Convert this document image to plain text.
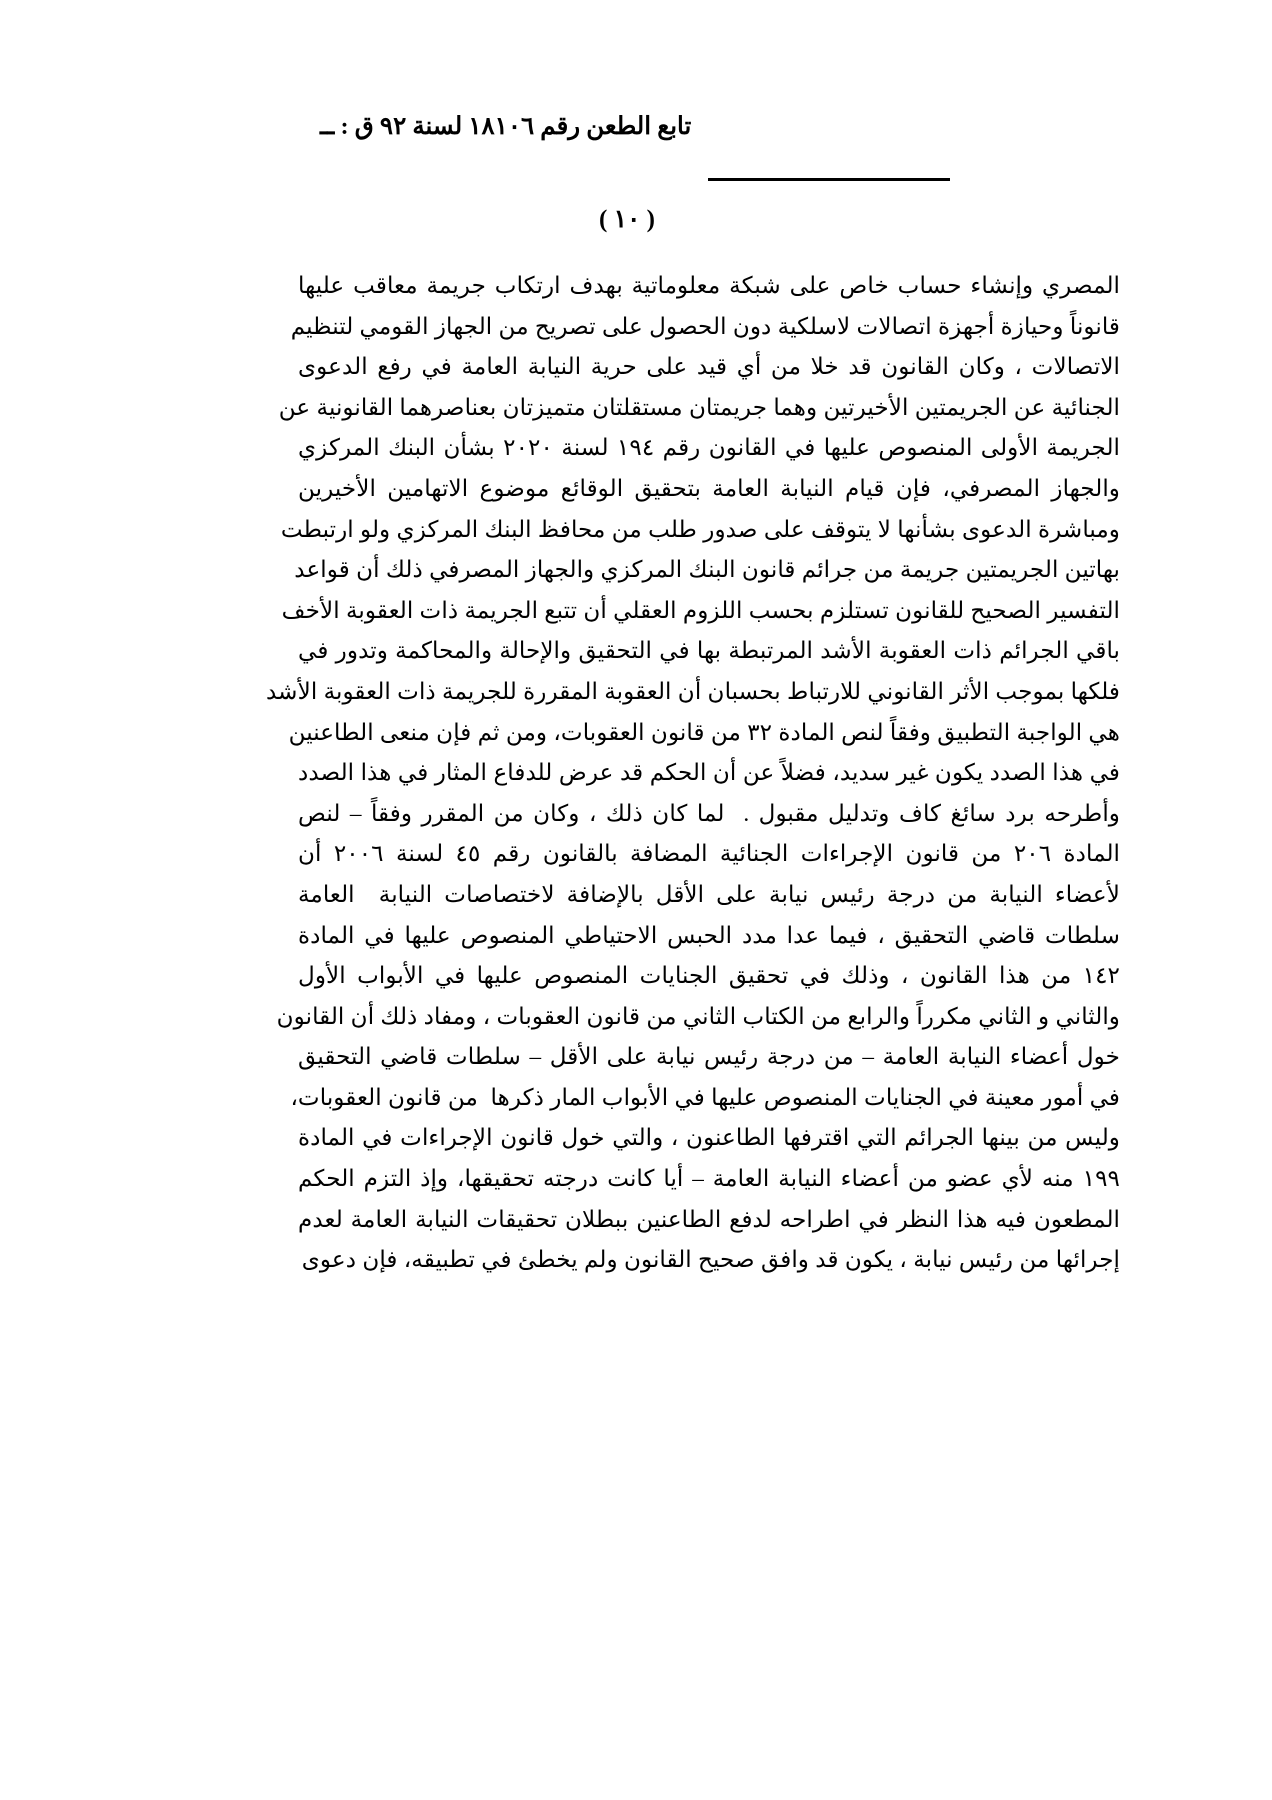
تابع الطعن رقم ١٨١٠٦ لسنة ٩٢ ق : ــ
( ١٠ )
المصري وإنشاء حساب خاص على شبكة معلوماتية بهدف ارتكاب جريمة معاقب عليها
قانوناً وحيازة أجهزة اتصالات لاسلكية دون الحصول على تصريح من الجهاز القومي لتنظيم
الاتصالات ، وكان القانون قد خلا من أي قيد على حرية النيابة العامة في رفع الدعوى
الجنائية عن الجريمتين الأخيرتين وهما جريمتان مستقلتان متميزتان بعناصرهما القانونية عن
الجريمة الأولى المنصوص عليها في القانون رقم ١٩٤ لسنة ٢٠٢٠ بشأن البنك المركزي
والجهاز المصرفي، فإن قيام النيابة العامة بتحقيق الوقائع موضوع الاتهامين الأخيرين
ومباشرة الدعوى بشأنها لا يتوقف على صدور طلب من محافظ البنك المركزي ولو ارتبطت
بهاتين الجريمتين جريمة من جرائم قانون البنك المركزي والجهاز المصرفي ذلك أن قواعد
التفسير الصحيح للقانون تستلزم بحسب اللزوم العقلي أن تتبع الجريمة ذات العقوبة الأخف
باقي الجرائم ذات العقوبة الأشد المرتبطة بها في التحقيق والإحالة والمحاكمة وتدور في
فلكها بموجب الأثر القانوني للارتباط بحسبان أن العقوبة المقررة للجريمة ذات العقوبة الأشد
هي الواجبة التطبيق وفقاً لنص المادة ٣٢ من قانون العقوبات، ومن ثم فإن منعى الطاعنين
في هذا الصدد يكون غير سديد، فضلاً عن أن الحكم قد عرض للدفاع المثار في هذا الصدد
وأطرحه برد سائغ كاف وتدليل مقبول .  لما كان ذلك ، وكان من المقرر وفقاً – لنص
المادة ٢٠٦ من قانون الإجراءات الجنائية المضافة بالقانون رقم ٤٥ لسنة ٢٠٠٦ أن
لأعضاء النيابة من درجة رئيس نيابة على الأقل بالإضافة لاختصاصات النيابة  العامة
سلطات قاضي التحقيق ، فيما عدا مدد الحبس الاحتياطي المنصوص عليها في المادة
١٤٢ من هذا القانون ، وذلك في تحقيق الجنايات المنصوص عليها في الأبواب الأول
والثاني و الثاني مكرراً والرابع من الكتاب الثاني من قانون العقوبات ، ومفاد ذلك أن القانون
خول أعضاء النيابة العامة – من درجة رئيس نيابة على الأقل – سلطات قاضي التحقيق
في أمور معينة في الجنايات المنصوص عليها في الأبواب المار ذكرها  من قانون العقوبات،
وليس من بينها الجرائم التي اقترفها الطاعنون ، والتي خول قانون الإجراءات في المادة
١٩٩ منه لأي عضو من أعضاء النيابة العامة – أيا كانت درجته تحقيقها، وإذ التزم الحكم
المطعون فيه هذا النظر في اطراحه لدفع الطاعنين ببطلان تحقيقات النيابة العامة لعدم
إجرائها من رئيس نيابة ، يكون قد وافق صحيح القانون ولم يخطئ في تطبيقه، فإن دعوى
